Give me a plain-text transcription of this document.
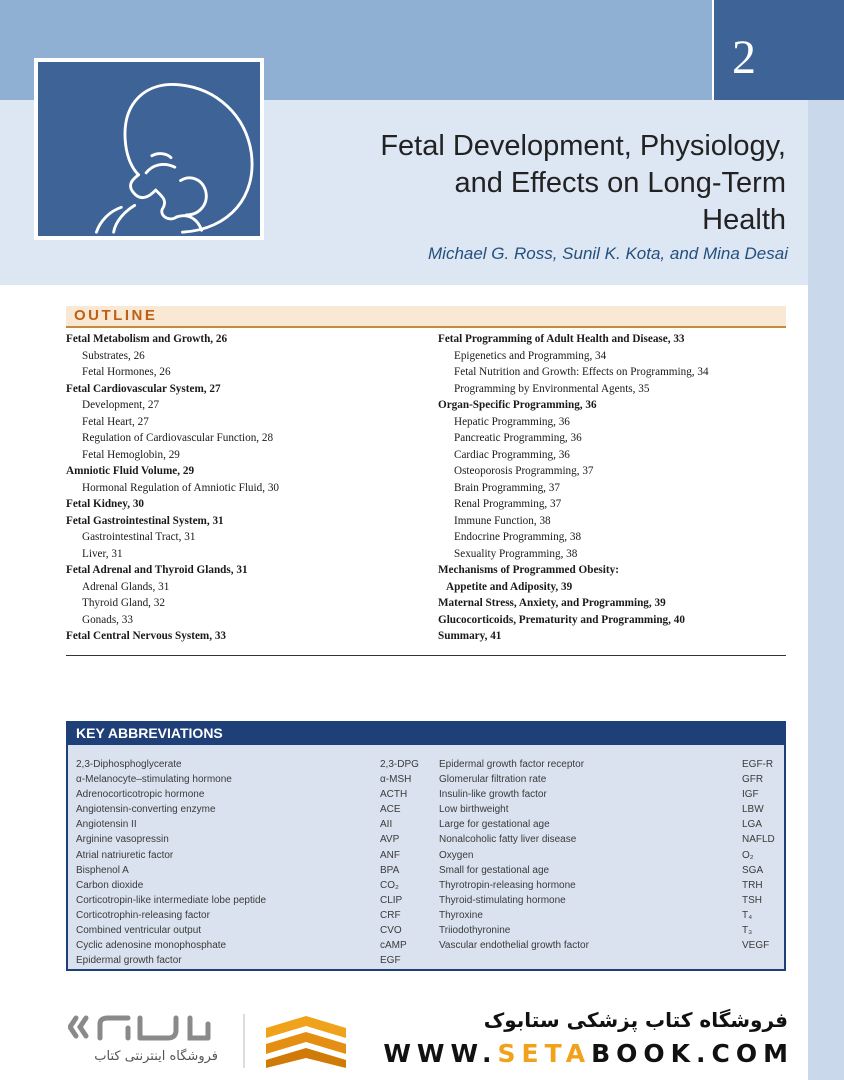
2
Fetal Development, Physiology,
and Effects on Long-Term
Health
Michael G. Ross, Sunil K. Kota, and Mina Desai
OUTLINE
Fetal Metabolism and Growth, 26
Substrates, 26
Fetal Hormones, 26
Fetal Cardiovascular System, 27
Development, 27
Fetal Heart, 27
Regulation of Cardiovascular Function, 28
Fetal Hemoglobin, 29
Amniotic Fluid Volume, 29
Hormonal Regulation of Amniotic Fluid, 30
Fetal Kidney, 30
Fetal Gastrointestinal System, 31
Gastrointestinal Tract, 31
Liver, 31
Fetal Adrenal and Thyroid Glands, 31
Adrenal Glands, 31
Thyroid Gland, 32
Gonads, 33
Fetal Central Nervous System, 33
Fetal Programming of Adult Health and Disease, 33
Epigenetics and Programming, 34
Fetal Nutrition and Growth: Effects on Programming, 34
Programming by Environmental Agents, 35
Organ-Specific Programming, 36
Hepatic Programming, 36
Pancreatic Programming, 36
Cardiac Programming, 36
Osteoporosis Programming, 37
Brain Programming, 37
Renal Programming, 37
Immune Function, 38
Endocrine Programming, 38
Sexuality Programming, 38
Mechanisms of Programmed Obesity:
Appetite and Adiposity, 39
Maternal Stress, Anxiety, and Programming, 39
Glucocorticoids, Prematurity and Programming, 40
Summary, 41
KEY ABBREVIATIONS
2,3-Diphosphoglycerate	2,3-DPG
α-Melanocyte–stimulating hormone	α-MSH
Adrenocorticotropic hormone	ACTH
Angiotensin-converting enzyme	ACE
Angiotensin II	AII
Arginine vasopressin	AVP
Atrial natriuretic factor	ANF
Bisphenol A	BPA
Carbon dioxide	CO₂
Corticotropin-like intermediate lobe peptide	CLIP
Corticotrophin-releasing factor	CRF
Combined ventricular output	CVO
Cyclic adenosine monophosphate	cAMP
Epidermal growth factor	EGF
Epidermal growth factor receptor	EGF-R
Glomerular filtration rate	GFR
Insulin-like growth factor	IGF
Low birthweight	LBW
Large for gestational age	LGA
Nonalcoholic fatty liver disease	NAFLD
Oxygen	O₂
Small for gestational age	SGA
Thyrotropin-releasing hormone	TRH
Thyroid-stimulating hormone	TSH
Thyroxine	T₄
Triiodothyronine	T₃
Vascular endothelial growth factor	VEGF
فروشگاه اینترنتی کتاب
فروشگاه کتاب پزشکی ستابوک
WWW.SETABOOK.COM
